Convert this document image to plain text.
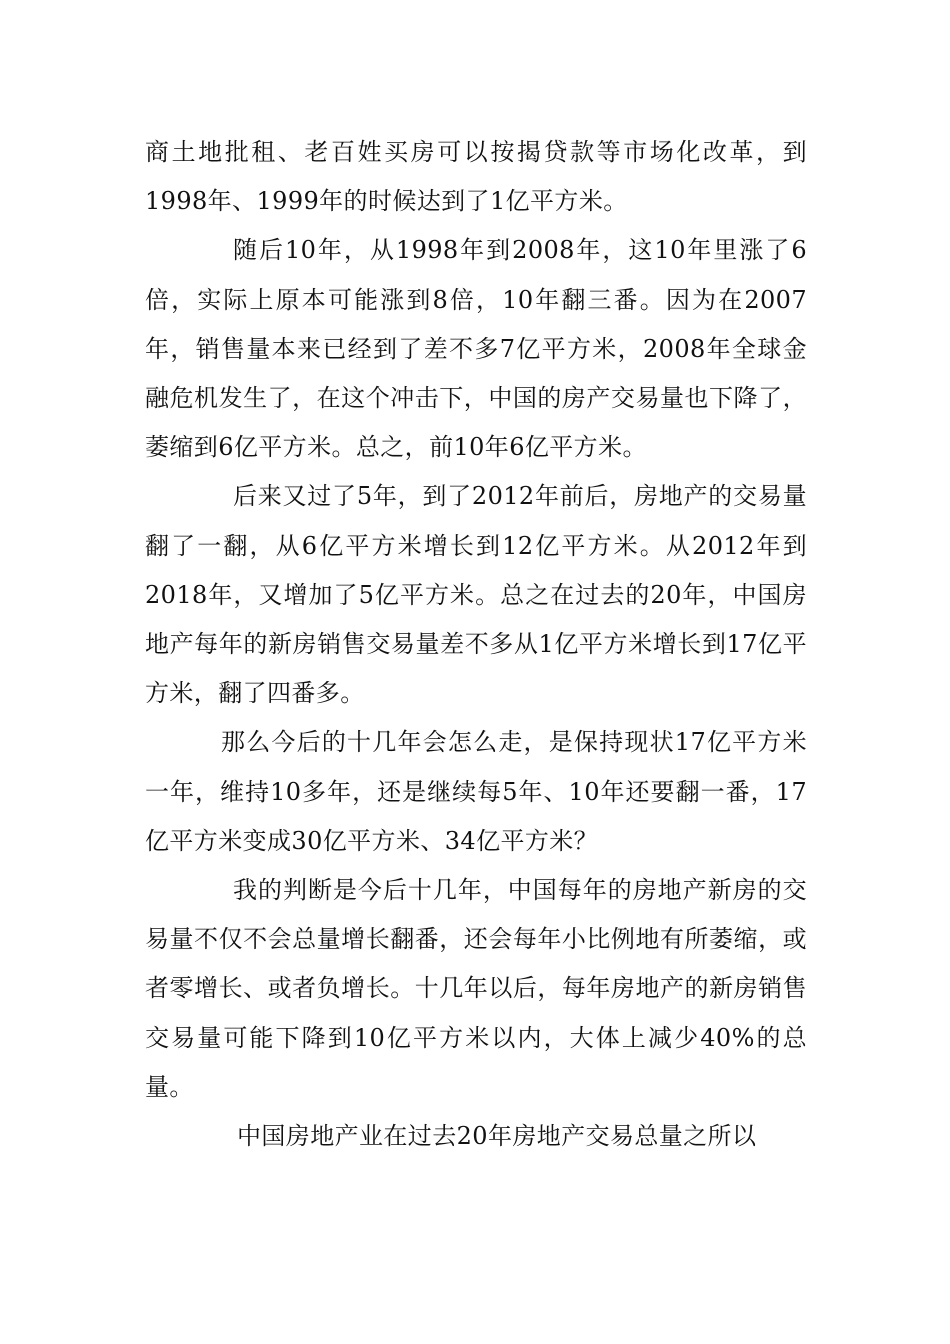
商土地批租、老百姓买房可以按揭贷款等市场化改革，到1998年、1999年的时候达到了1亿平方米。

随后10年，从1998年到2008年，这10年里涨了6倍，实际上原本可能涨到8倍，10年翻三番。因为在2007年，销售量本来已经到了差不多7亿平方米，2008年全球金融危机发生了，在这个冲击下，中国的房产交易量也下降了，萎缩到6亿平方米。总之，前10年6亿平方米。

后来又过了5年，到了2012年前后，房地产的交易量翻了一翻，从6亿平方米增长到12亿平方米。从2012年到2018年，又增加了5亿平方米。总之在过去的20年，中国房地产每年的新房销售交易量差不多从1亿平方米增长到17亿平方米，翻了四番多。

那么今后的十几年会怎么走，是保持现状17亿平方米一年，维持10多年，还是继续每5年、10年还要翻一番，17亿平方米变成30亿平方米、34亿平方米？

我的判断是今后十几年，中国每年的房地产新房的交易量不仅不会总量增长翻番，还会每年小比例地有所萎缩，或者零增长、或者负增长。十几年以后，每年房地产的新房销售交易量可能下降到10亿平方米以内，大体上减少40%的总量。

中国房地产业在过去20年房地产交易总量之所以
